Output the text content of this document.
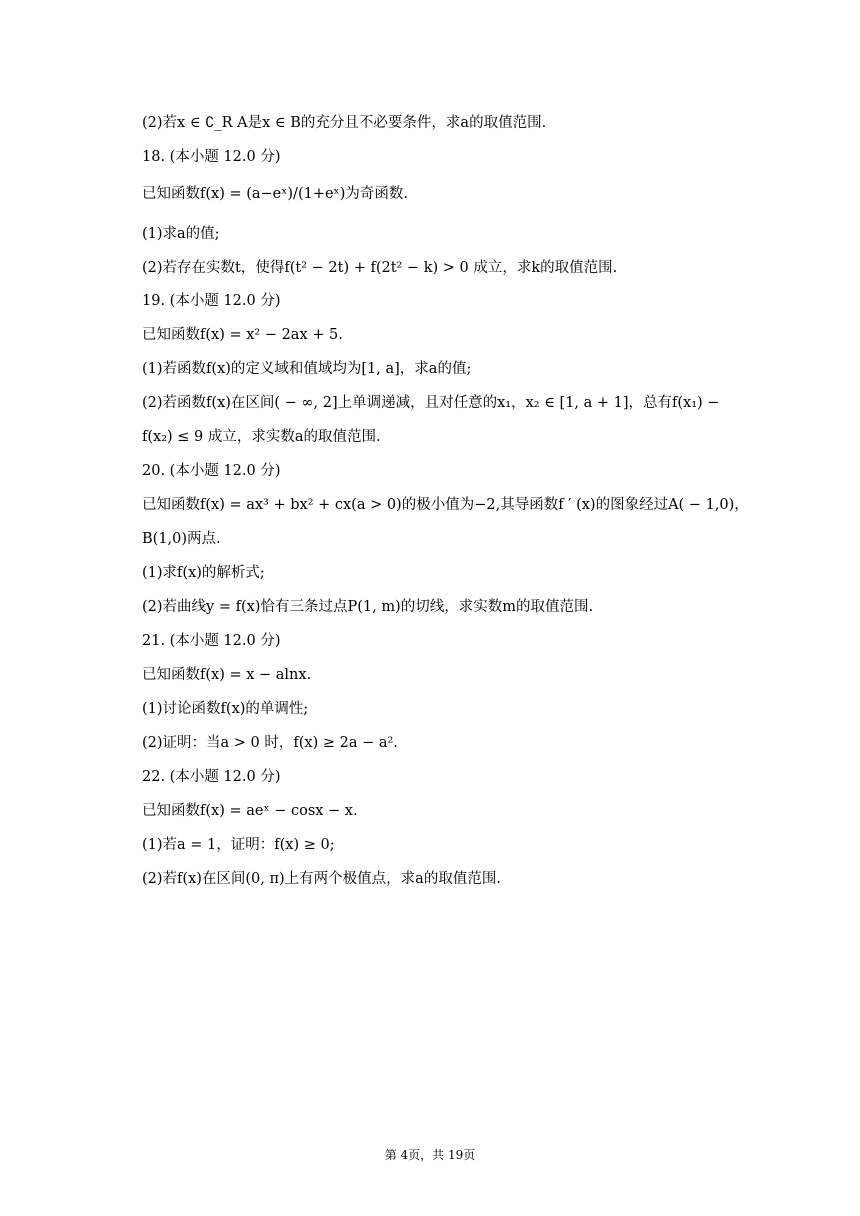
(2)若x ∈ ∁_R A是x ∈ B的充分且不必要条件，求a的取值范围.
18. (本小题 12.0 分)
已知函数f(x) = (a−eˣ)/(1+eˣ)为奇函数.
(1)求a的值;
(2)若存在实数t，使得f(t² − 2t) + f(2t² − k) > 0 成立，求k的取值范围.
19. (本小题 12.0 分)
已知函数f(x) = x² − 2ax + 5.
(1)若函数f(x)的定义域和值域均为[1, a]，求a的值;
(2)若函数f(x)在区间( − ∞, 2]上单调递减，且对任意的x₁，x₂ ∈ [1, a + 1]，总有f(x₁) −
f(x₂) ≤ 9 成立，求实数a的取值范围.
20. (本小题 12.0 分)
已知函数f(x) = ax³ + bx² + cx(a > 0)的极小值为−2,其导函数f ′ (x)的图象经过A( − 1,0)，
B(1,0)两点.
(1)求f(x)的解析式;
(2)若曲线y = f(x)恰有三条过点P(1, m)的切线，求实数m的取值范围.
21. (本小题 12.0 分)
已知函数f(x) = x − alnx.
(1)讨论函数f(x)的单调性;
(2)证明：当a > 0 时，f(x) ≥ 2a − a².
22. (本小题 12.0 分)
已知函数f(x) = aeˣ − cosx − x.
(1)若a = 1，证明：f(x) ≥ 0;
(2)若f(x)在区间(0, π)上有两个极值点，求a的取值范围.
第 4页，共 19页
